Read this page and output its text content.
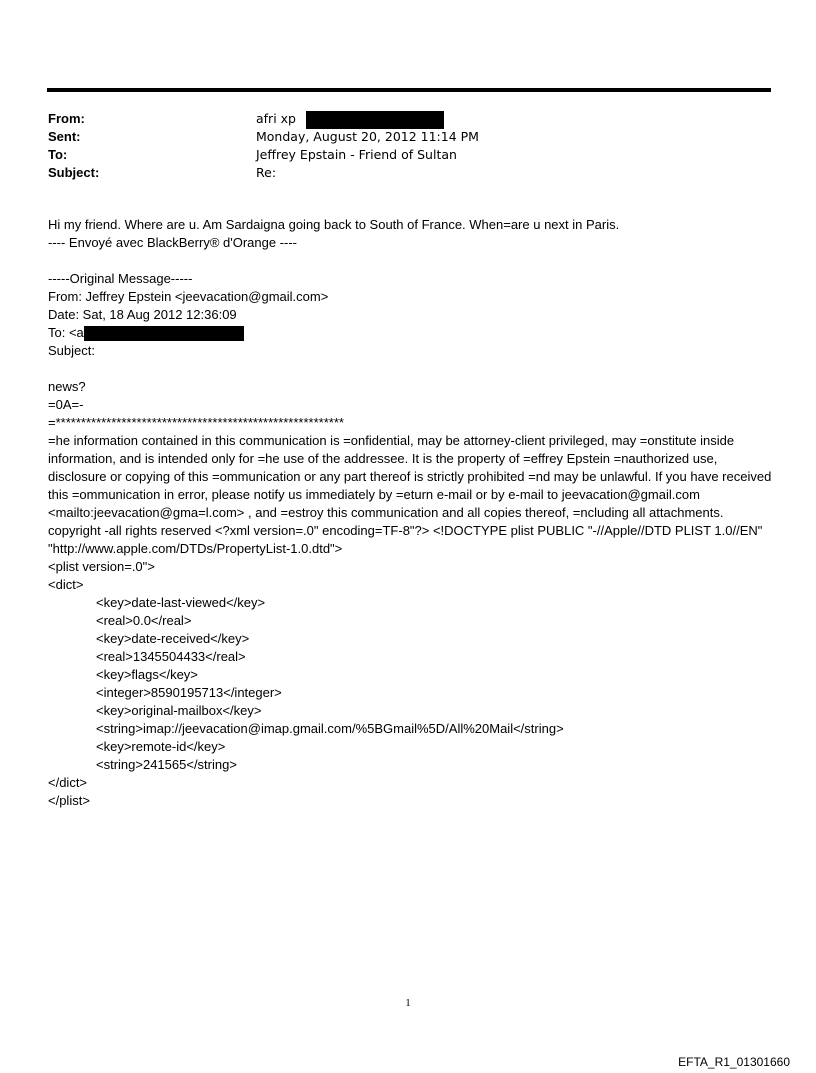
From:	afri xp
Sent:	Monday, August 20, 2012 11:14 PM
To:	Jeffrey Epstain - Friend of Sultan
Subject:	Re:

Hi my friend. Where are u. Am Sardaigna going back to South of France. When=are u next in Paris.

---- Envoyé avec BlackBerry® d'Orange ----

-----Original Message-----

From: Jeffrey Epstein <jeevacation@gmail.com>

Date: Sat, 18 Aug 2012 12:36:09

To: <a

Subject:

news?

=0A=-

=*********************************************************

=he information contained in this communication is =onfidential, may be attorney-client privileged, may =onstitute inside information, and is intended only for =he use of the addressee. It is the property of =effrey Epstein =nauthorized use, disclosure or copying of this =ommunication or any part thereof is strictly prohibited =nd may be unlawful. If you have received this =ommunication in error, please notify us immediately by =eturn e-mail or by e-mail to jeevacation@gmail.com <mailto:jeevacation@gma=l.com> , and =estroy this communication and all copies thereof, =ncluding all attachments. copyright -all rights reserved <?xml version=.0" encoding=TF-8"?> <!DOCTYPE plist PUBLIC "-//Apple//DTD PLIST 1.0//EN" "http://www.apple.com/DTDs/PropertyList-1.0.dtd">

<plist version=.0">

<dict>

<key>date-last-viewed</key>

<real>0.0</real>

<key>date-received</key>

<real>1345504433</real>

<key>flags</key>

<integer>8590195713</integer>

<key>original-mailbox</key>

<string>imap://jeevacation@imap.gmail.com/%5BGmail%5D/All%20Mail</string>

<key>remote-id</key>

<string>241565</string>

</dict>

</plist>

1
EFTA_R1_01301660
